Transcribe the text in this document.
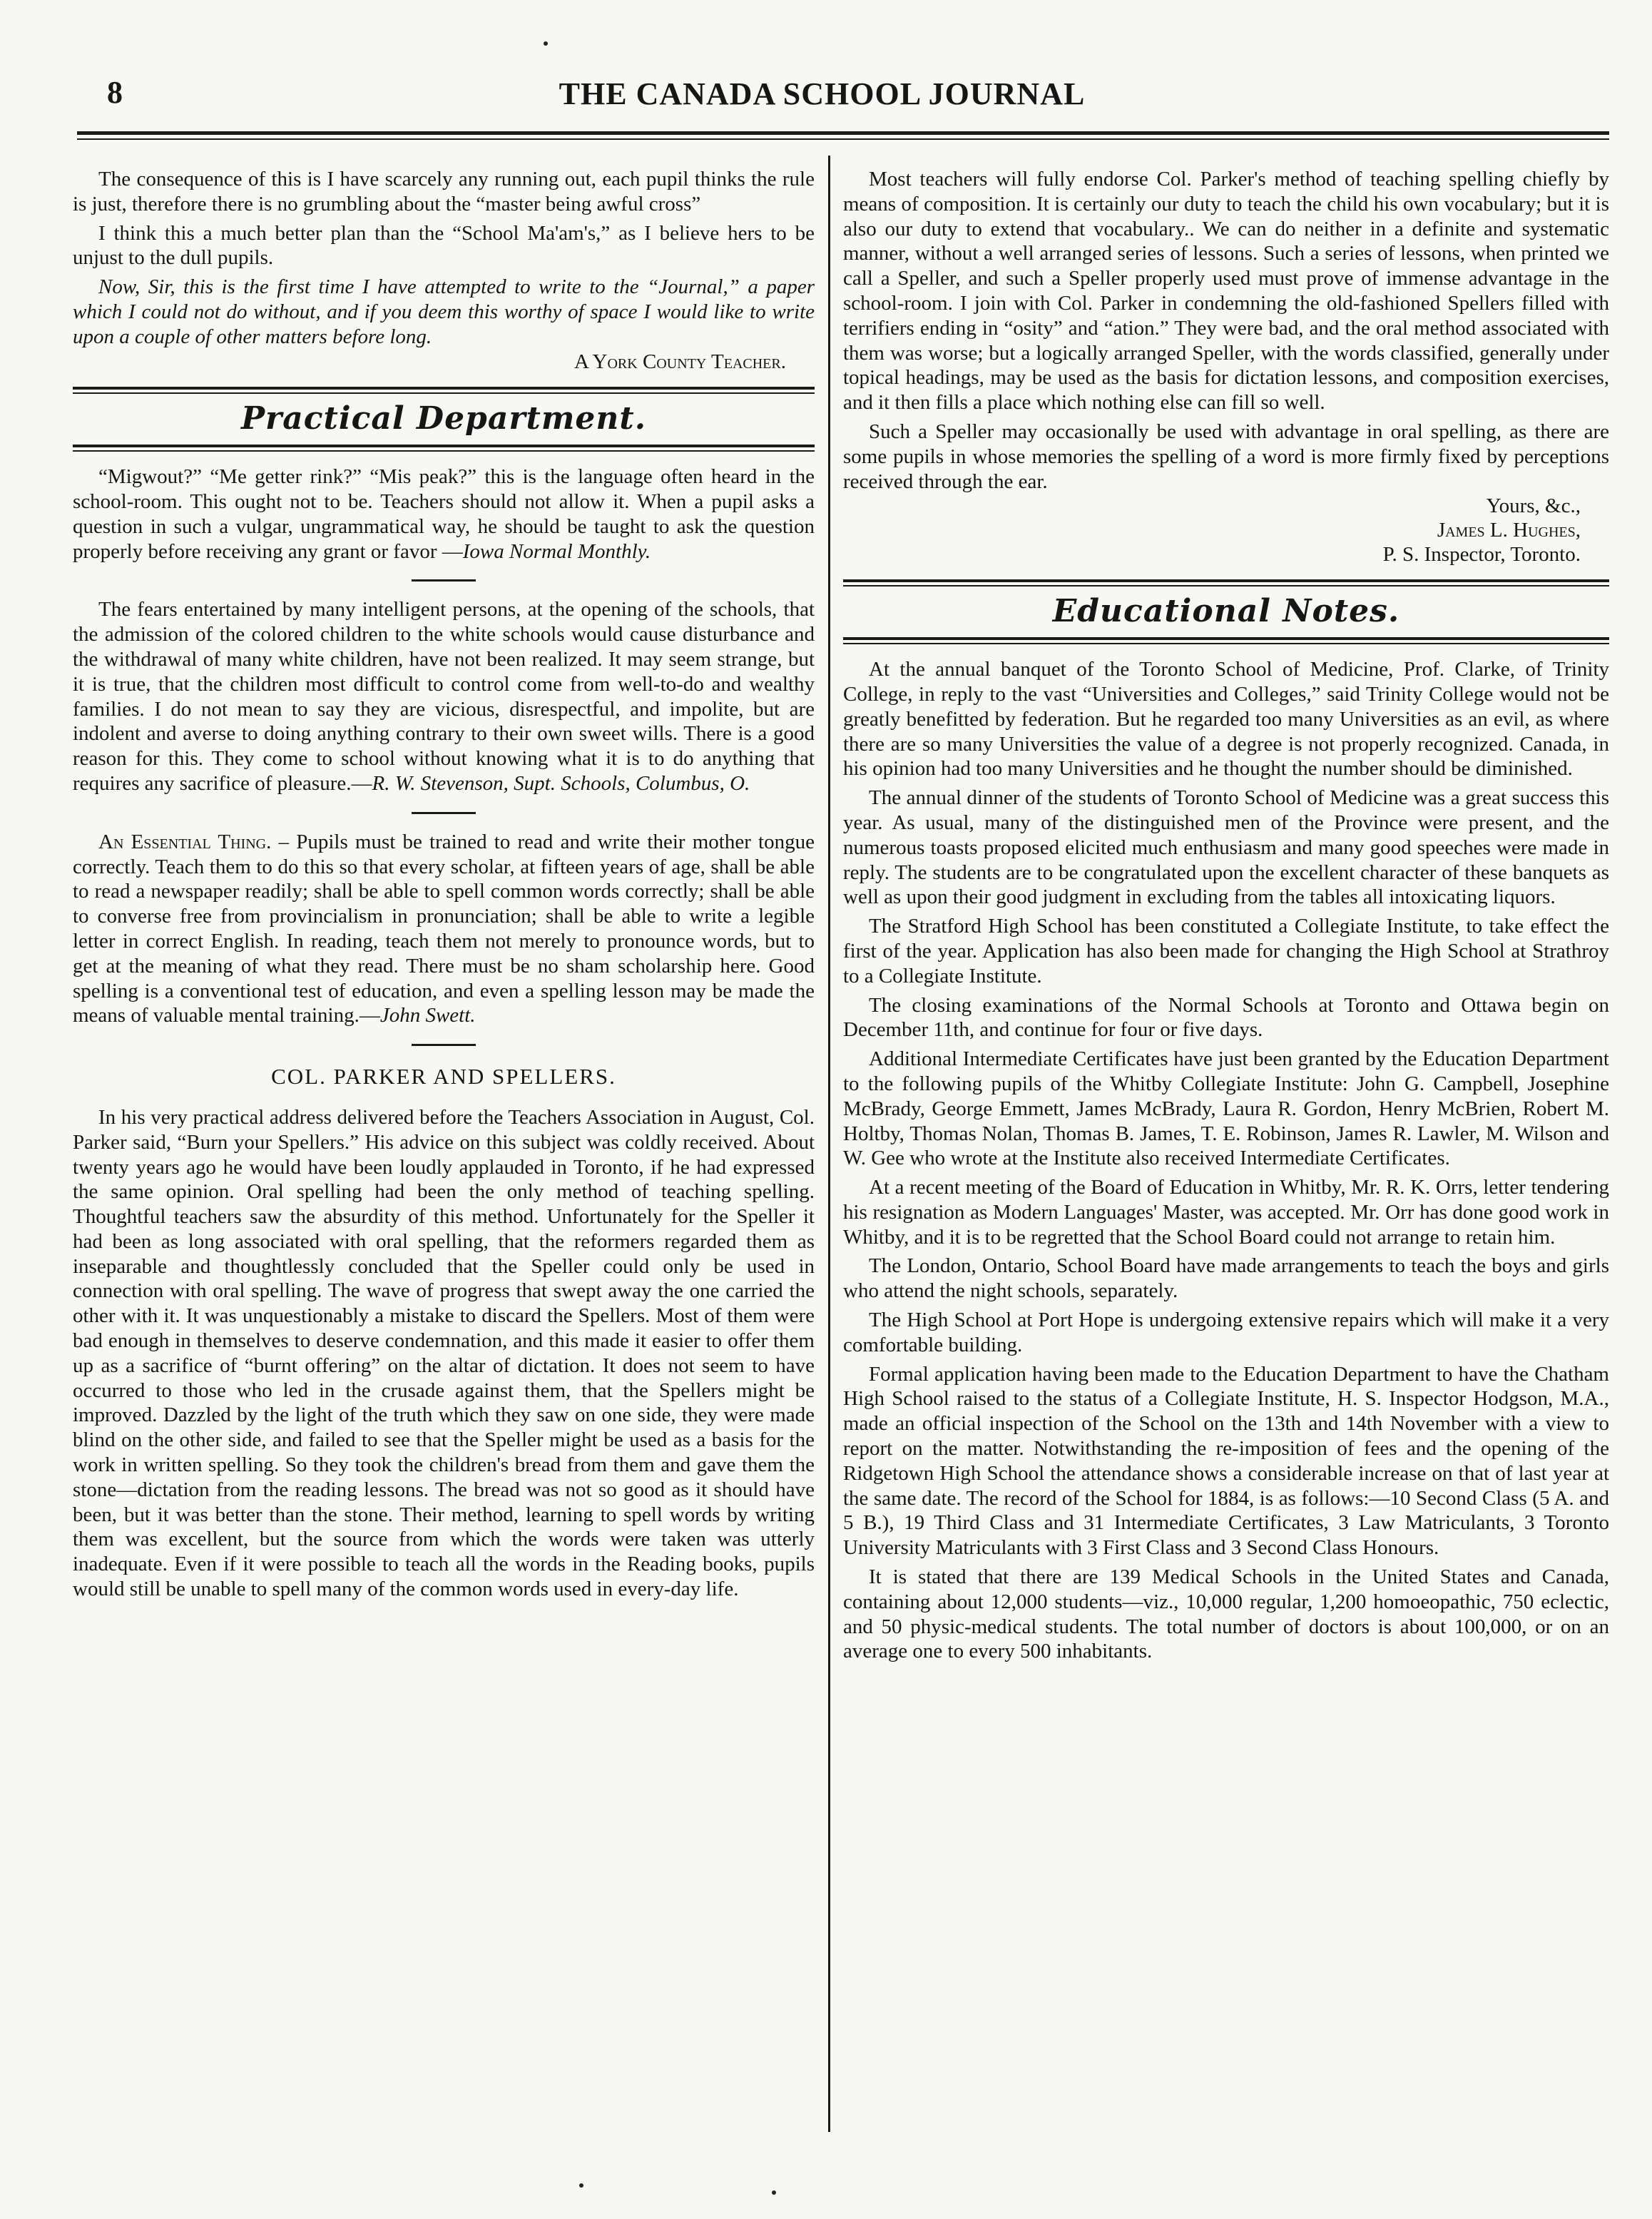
8	THE CANADA SCHOOL JOURNAL

The consequence of this is I have scarcely any running out, each pupil thinks the rule is just, therefore there is no grumbling about the “master being awful cross”

I think this a much better plan than the “School Ma'am's,” as I believe hers to be unjust to the dull pupils.

Now, Sir, this is the first time I have attempted to write to the “Journal,” a paper which I could not do without, and if you deem this worthy of space I would like to write upon a couple of other matters before long.

A York County Teacher.
Practical Department.

“Migwout?” “Me getter rink?” “Mis peak?” this is the language often heard in the school-room. This ought not to be. Teachers should not allow it. When a pupil asks a question in such a vulgar, ungrammatical way, he should be taught to ask the question properly before receiving any grant or favor —Iowa Normal Monthly.

The fears entertained by many intelligent persons, at the opening of the schools, that the admission of the colored children to the white schools would cause disturbance and the withdrawal of many white children, have not been realized. It may seem strange, but it is true, that the children most difficult to control come from well-to-do and wealthy families. I do not mean to say they are vicious, disrespectful, and impolite, but are indolent and averse to doing anything contrary to their own sweet wills. There is a good reason for this. They come to school without knowing what it is to do anything that requires any sacrifice of pleasure.—R. W. Stevenson, Supt. Schools, Columbus, O.

An Essential Thing. – Pupils must be trained to read and write their mother tongue correctly. Teach them to do this so that every scholar, at fifteen years of age, shall be able to read a newspaper readily; shall be able to spell common words correctly; shall be able to converse free from provincialism in pronunciation; shall be able to write a legible letter in correct English. In reading, teach them not merely to pronounce words, but to get at the meaning of what they read. There must be no sham scholarship here. Good spelling is a conventional test of education, and even a spelling lesson may be made the means of valuable mental training.—John Swett.

COL. PARKER AND SPELLERS.

In his very practical address delivered before the Teachers Association in August, Col. Parker said, “Burn your Spellers.” His advice on this subject was coldly received. About twenty years ago he would have been loudly applauded in Toronto, if he had expressed the same opinion. Oral spelling had been the only method of teaching spelling. Thoughtful teachers saw the absurdity of this method. Unfortunately for the Speller it had been as long associated with oral spelling, that the reformers regarded them as inseparable and thoughtlessly concluded that the Speller could only be used in connection with oral spelling. The wave of progress that swept away the one carried the other with it. It was unquestionably a mistake to discard the Spellers. Most of them were bad enough in themselves to deserve condemnation, and this made it easier to offer them up as a sacrifice of “burnt offering” on the altar of dictation. It does not seem to have occurred to those who led in the crusade against them, that the Spellers might be improved. Dazzled by the light of the truth which they saw on one side, they were made blind on the other side, and failed to see that the Speller might be used as a basis for the work in written spelling. So they took the children's bread from them and gave them the stone—dictation from the reading lessons. The bread was not so good as it should have been, but it was better than the stone. Their method, learning to spell words by writing them was excellent, but the source from which the words were taken was utterly inadequate. Even if it were possible to teach all the words in the Reading books, pupils would still be unable to spell many of the common words used in every-day life.

Most teachers will fully endorse Col. Parker's method of teaching spelling chiefly by means of composition. It is certainly our duty to teach the child his own vocabulary; but it is also our duty to extend that vocabulary.. We can do neither in a definite and systematic manner, without a well arranged series of lessons. Such a series of lessons, when printed we call a Speller, and such a Speller properly used must prove of immense advantage in the school-room. I join with Col. Parker in condemning the old-fashioned Spellers filled with terrifiers ending in “osity” and “ation.” They were bad, and the oral method associated with them was worse; but a logically arranged Speller, with the words classified, generally under topical headings, may be used as the basis for dictation lessons, and composition exercises, and it then fills a place which nothing else can fill so well.

Such a Speller may occasionally be used with advantage in oral spelling, as there are some pupils in whose memories the spelling of a word is more firmly fixed by perceptions received through the ear.

Yours, &c.,
James L. Hughes,
P. S. Inspector, Toronto.
Educational Notes.

At the annual banquet of the Toronto School of Medicine, Prof. Clarke, of Trinity College, in reply to the vast “Universities and Colleges,” said Trinity College would not be greatly benefitted by federation. But he regarded too many Universities as an evil, as where there are so many Universities the value of a degree is not properly recognized. Canada, in his opinion had too many Universities and he thought the number should be diminished.

The annual dinner of the students of Toronto School of Medicine was a great success this year. As usual, many of the distinguished men of the Province were present, and the numerous toasts proposed elicited much enthusiasm and many good speeches were made in reply. The students are to be congratulated upon the excellent character of these banquets as well as upon their good judgment in excluding from the tables all intoxicating liquors.

The Stratford High School has been constituted a Collegiate Institute, to take effect the first of the year. Application has also been made for changing the High School at Strathroy to a Collegiate Institute.

The closing examinations of the Normal Schools at Toronto and Ottawa begin on December 11th, and continue for four or five days.

Additional Intermediate Certificates have just been granted by the Education Department to the following pupils of the Whitby Collegiate Institute: John G. Campbell, Josephine McBrady, George Emmett, James McBrady, Laura R. Gordon, Henry McBrien, Robert M. Holtby, Thomas Nolan, Thomas B. James, T. E. Robinson, James R. Lawler, M. Wilson and W. Gee who wrote at the Institute also received Intermediate Certificates.

At a recent meeting of the Board of Education in Whitby, Mr. R. K. Orrs, letter tendering his resignation as Modern Languages' Master, was accepted. Mr. Orr has done good work in Whitby, and it is to be regretted that the School Board could not arrange to retain him.

The London, Ontario, School Board have made arrangements to teach the boys and girls who attend the night schools, separately.

The High School at Port Hope is undergoing extensive repairs which will make it a very comfortable building.

Formal application having been made to the Education Department to have the Chatham High School raised to the status of a Collegiate Institute, H. S. Inspector Hodgson, M.A., made an official inspection of the School on the 13th and 14th November with a view to report on the matter. Notwithstanding the re-imposition of fees and the opening of the Ridgetown High School the attendance shows a considerable increase on that of last year at the same date. The record of the School for 1884, is as follows:—10 Second Class (5 A. and 5 B.), 19 Third Class and 31 Intermediate Certificates, 3 Law Matriculants, 3 Toronto University Matriculants with 3 First Class and 3 Second Class Honours.

It is stated that there are 139 Medical Schools in the United States and Canada, containing about 12,000 students—viz., 10,000 regular, 1,200 homoeopathic, 750 eclectic, and 50 physic-medical students. The total number of doctors is about 100,000, or on an average one to every 500 inhabitants.
